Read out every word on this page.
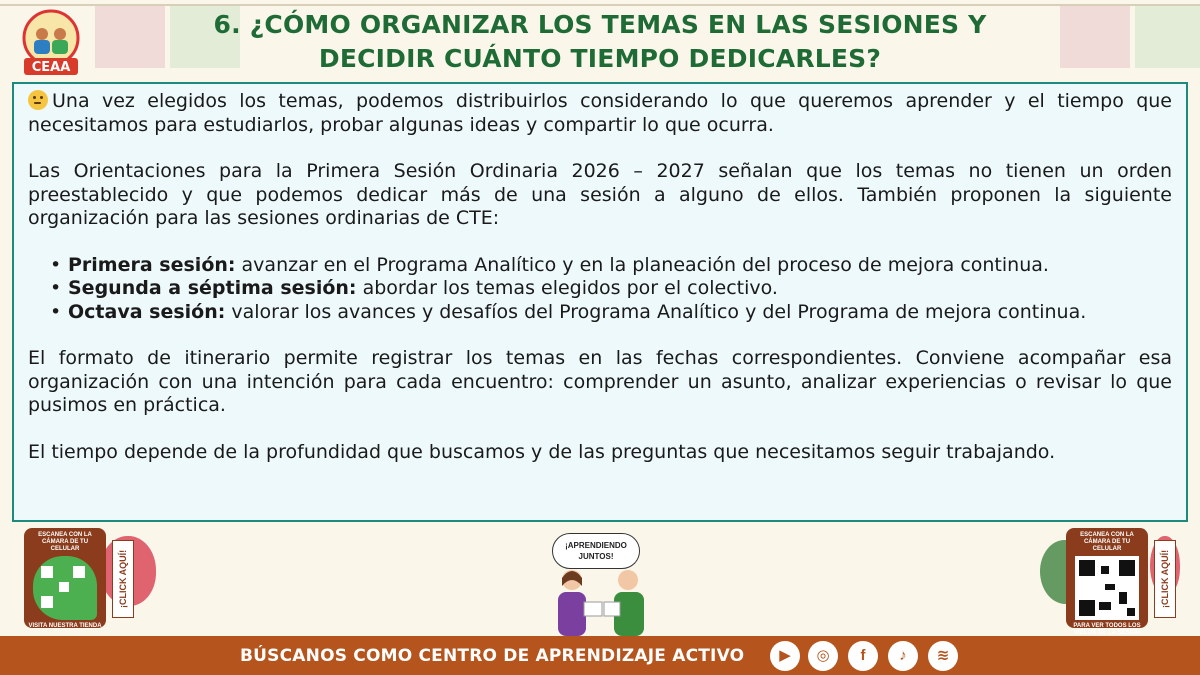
CEAA
6. ¿CÓMO ORGANIZAR LOS TEMAS EN LAS SESIONES Y
DECIDIR CUÁNTO TIEMPO DEDICARLES?

Una vez elegidos los temas, podemos distribuirlos considerando lo que queremos aprender y el tiempo que necesitamos para estudiarlos, probar algunas ideas y compartir lo que ocurra.

Las Orientaciones para la Primera Sesión Ordinaria 2026 – 2027 señalan que los temas no tienen un orden preestablecido y que podemos dedicar más de una sesión a alguno de ellos. También proponen la siguiente organización para las sesiones ordinarias de CTE:

• Primera sesión: avanzar en el Programa Analítico y en la planeación del proceso de mejora continua.
• Segunda a séptima sesión: abordar los temas elegidos por el colectivo.
• Octava sesión: valorar los avances y desafíos del Programa Analítico y del Programa de mejora continua.

El formato de itinerario permite registrar los temas en las fechas correspondientes. Conviene acompañar esa organización con una intención para cada encuentro: comprender un asunto, analizar experiencias o revisar lo que pusimos en práctica.

El tiempo depende de la profundidad que buscamos y de las preguntas que necesitamos seguir trabajando.

ESCANEA CON LA CÁMARA DE TU CELULAR
VISITA NUESTRA TIENDA
¡CLICK AQUÍ!
¡APRENDIENDO JUNTOS!
ESCANEA CON LA CÁMARA DE TU CELULAR
PARA VER TODOS LOS VIDEOS DE LA SESIÓN
¡CLICK AQUÍ!
BÚSCANOS COMO CENTRO DE APRENDIZAJE ACTIVO	▶	◎	f	♪	≋
